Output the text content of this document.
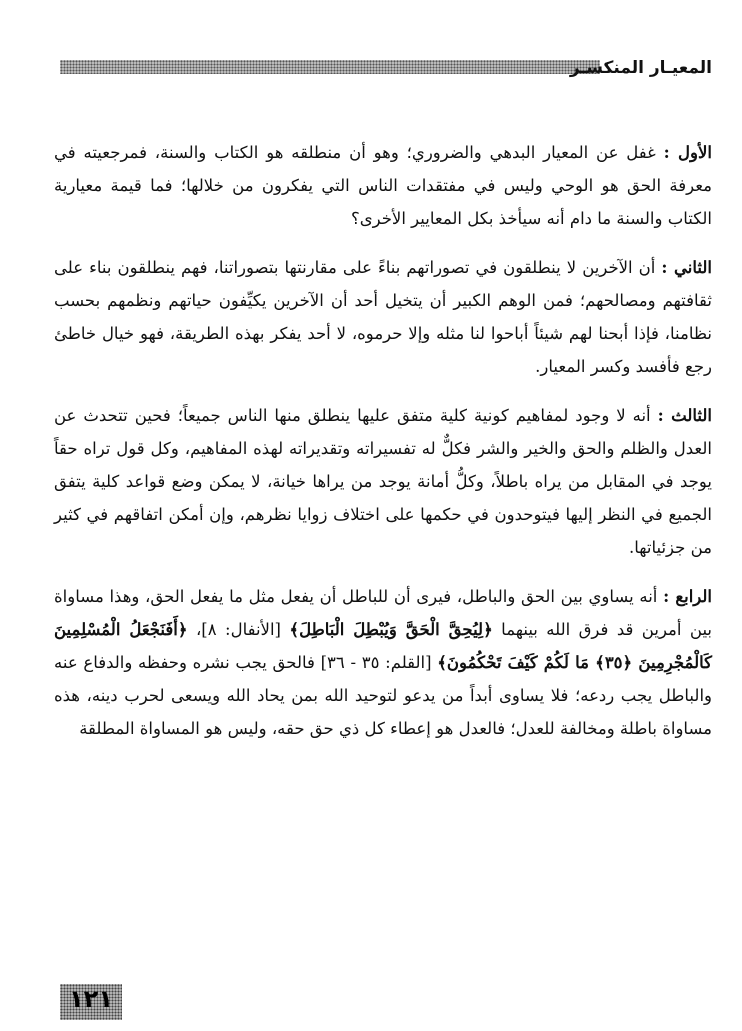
المعيـار المنكسـر

الأول : غفل عن المعيار البدهي والضروري؛ وهو أن منطلقه هو الكتاب والسنة، فمرجعيته في معرفة الحق هو الوحي وليس في مفتقدات الناس التي يفكرون من خلالها؛ فما قيمة معيارية الكتاب والسنة ما دام أنه سيأخذ بكل المعايير الأخرى؟

الثاني : أن الآخرين لا ينطلقون في تصوراتهم بناءً على مقارنتها بتصوراتنا، فهم ينطلقون بناء على ثقافتهم ومصالحهم؛ فمن الوهم الكبير أن يتخيل أحد أن الآخرين يكيِّفون حياتهم ونظمهم بحسب نظامنا، فإذا أبحنا لهم شيئاً أباحوا لنا مثله وإلا حرموه، لا أحد يفكر بهذه الطريقة، فهو خيال خاطئ رجع فأفسد وكسر المعيار.

الثالث : أنه لا وجود لمفاهيم كونية كلية متفق عليها ينطلق منها الناس جميعاً؛ فحين تتحدث عن العدل والظلم والحق والخير والشر فكلٌّ له تفسيراته وتقديراته لهذه المفاهيم، وكل قول تراه حقاً يوجد في المقابل من يراه باطلاً، وكلُّ أمانة يوجد من يراها خيانة، لا يمكن وضع قواعد كلية يتفق الجميع في النظر إليها فيتوحدون في حكمها على اختلاف زوايا نظرهم، وإن أمكن اتفاقهم في كثير من جزئياتها.

الرابع : أنه يساوي بين الحق والباطل، فيرى أن للباطل أن يفعل مثل ما يفعل الحق، وهذا مساواة بين أمرين قد فرق الله بينهما ﴿لِيُحِقَّ الْحَقَّ وَيُبْطِلَ الْبَاطِلَ﴾ [الأنفال: ٨]، ﴿أَفَنَجْعَلُ الْمُسْلِمِينَ كَالْمُجْرِمِينَ ﴿٣٥﴾ مَا لَكُمْ كَيْفَ تَحْكُمُونَ﴾ [القلم: ٣٥ - ٣٦] فالحق يجب نشره وحفظه والدفاع عنه والباطل يجب ردعه؛ فلا يساوى أبداً من يدعو لتوحيد الله بمن يحاد الله ويسعى لحرب دينه، هذه مساواة باطلة ومخالفة للعدل؛ فالعدل هو إعطاء كل ذي حق حقه، وليس هو المساواة المطلقة

١٢١
